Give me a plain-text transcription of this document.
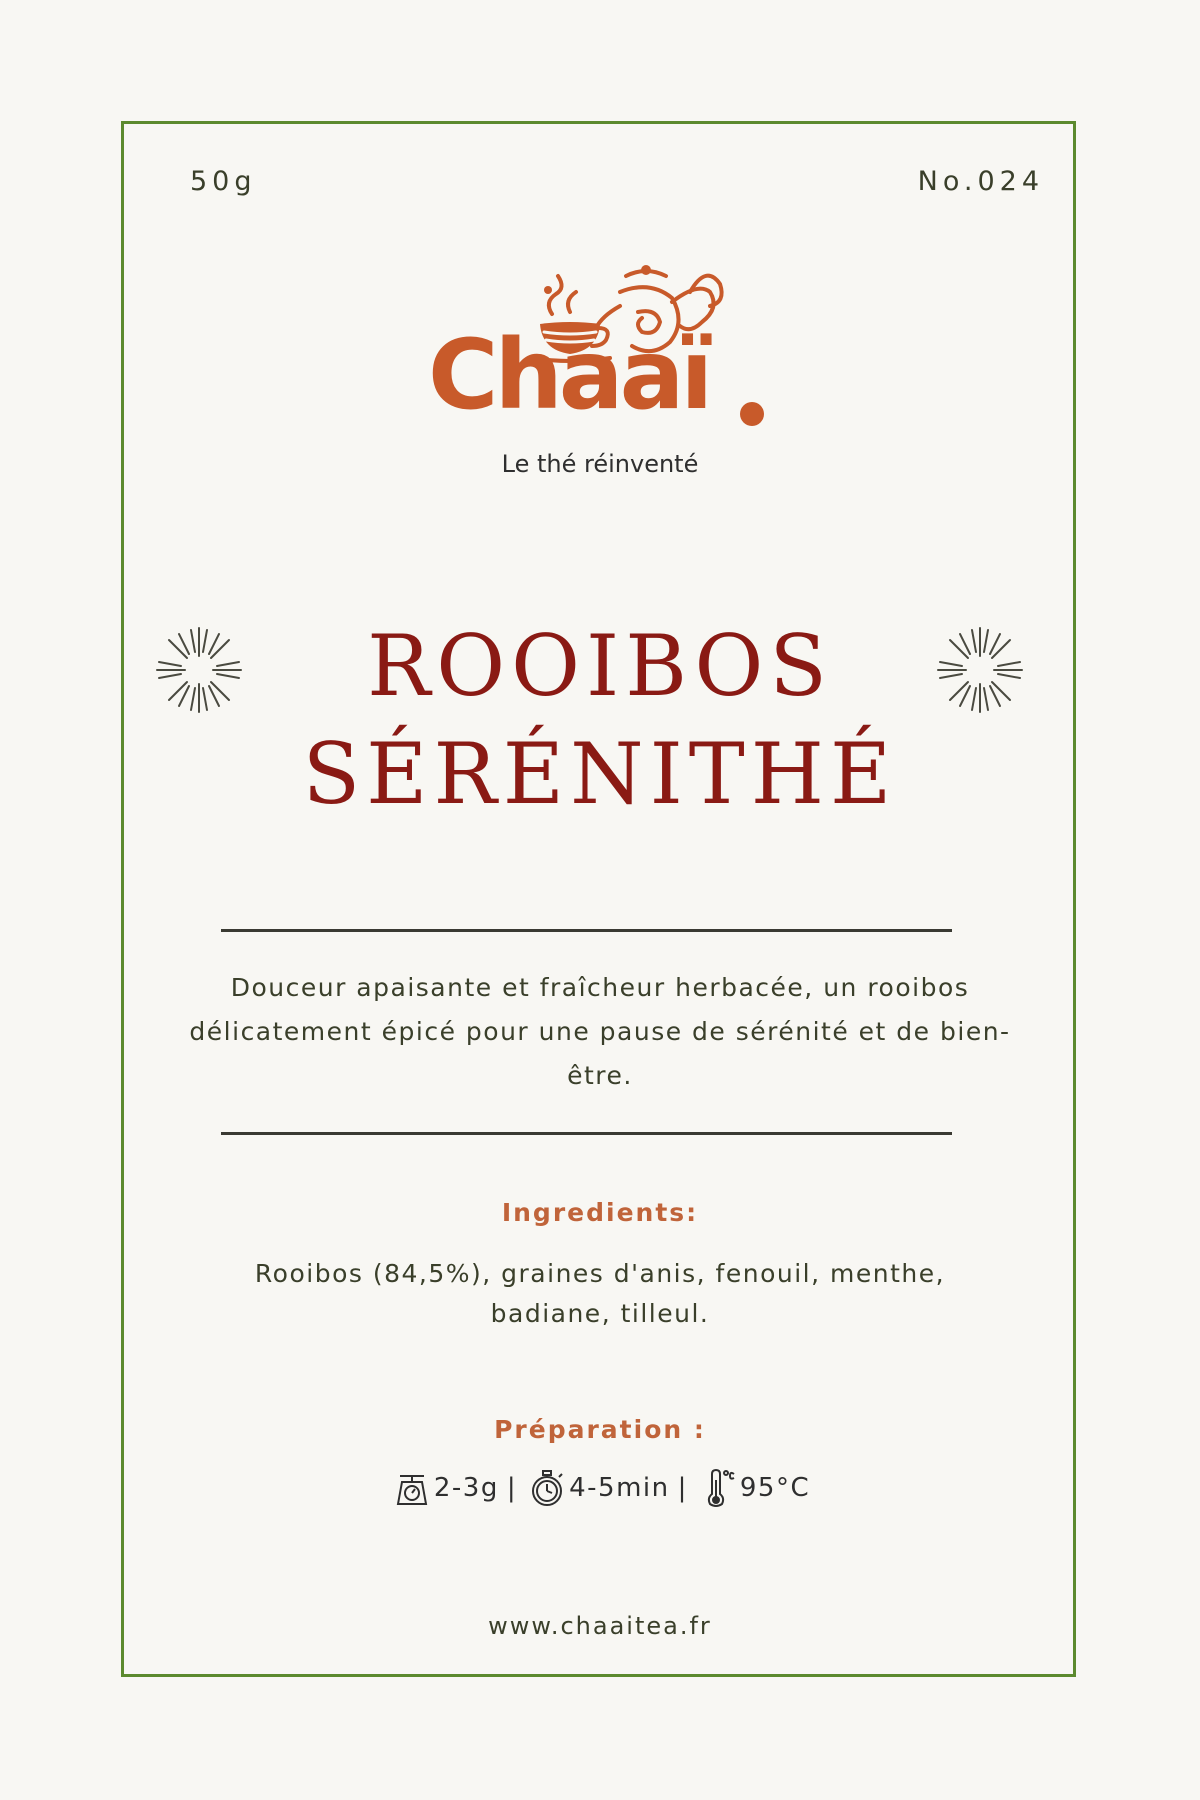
50g	No.024
Chaaï
Le thé réinventé
ROOIBOS
SÉRÉNITHÉ
Douceur apaisante et fraîcheur herbacée, un rooibos délicatement épicé pour une pause de sérénité et de bien-être.
Ingredients:
Rooibos (84,5%), graines d'anis, fenouil, menthe, badiane, tilleul.
Préparation :
2-3g | 4-5min | 95°C
www.chaaitea.fr
